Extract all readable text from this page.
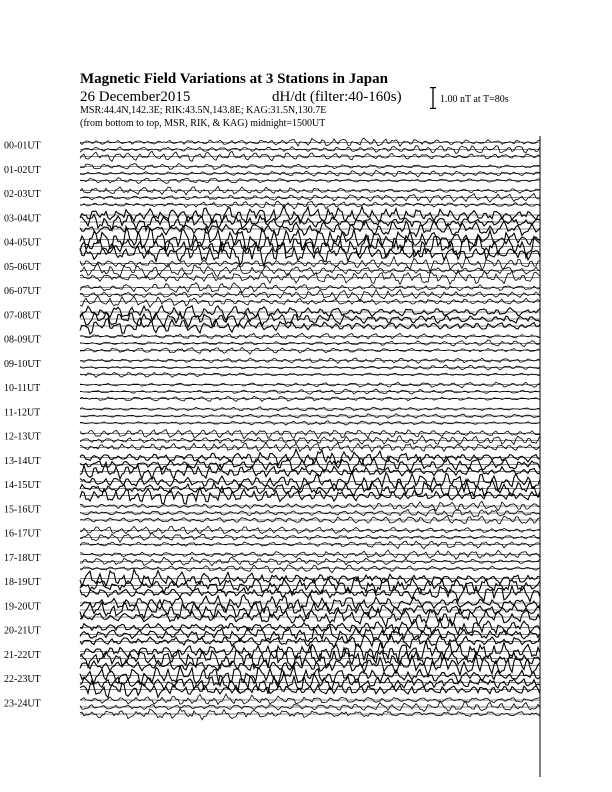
Magnetic Field Variations at 3 Stations in Japan
26 December2015	dH/dt (filter:40-160s)
MSR:44.4N,142.3E; RIK:43.5N,143.8E; KAG:31.5N,130.7E
(from bottom to top, MSR, RIK, & KAG) midnight=1500UT
1.00 nT at T=80s
00-01UT
01-02UT
02-03UT
03-04UT
04-05UT
05-06UT
06-07UT
07-08UT
08-09UT
09-10UT
10-11UT
11-12UT
12-13UT
13-14UT
14-15UT
15-16UT
16-17UT
17-18UT
18-19UT
19-20UT
20-21UT
21-22UT
22-23UT
23-24UT
